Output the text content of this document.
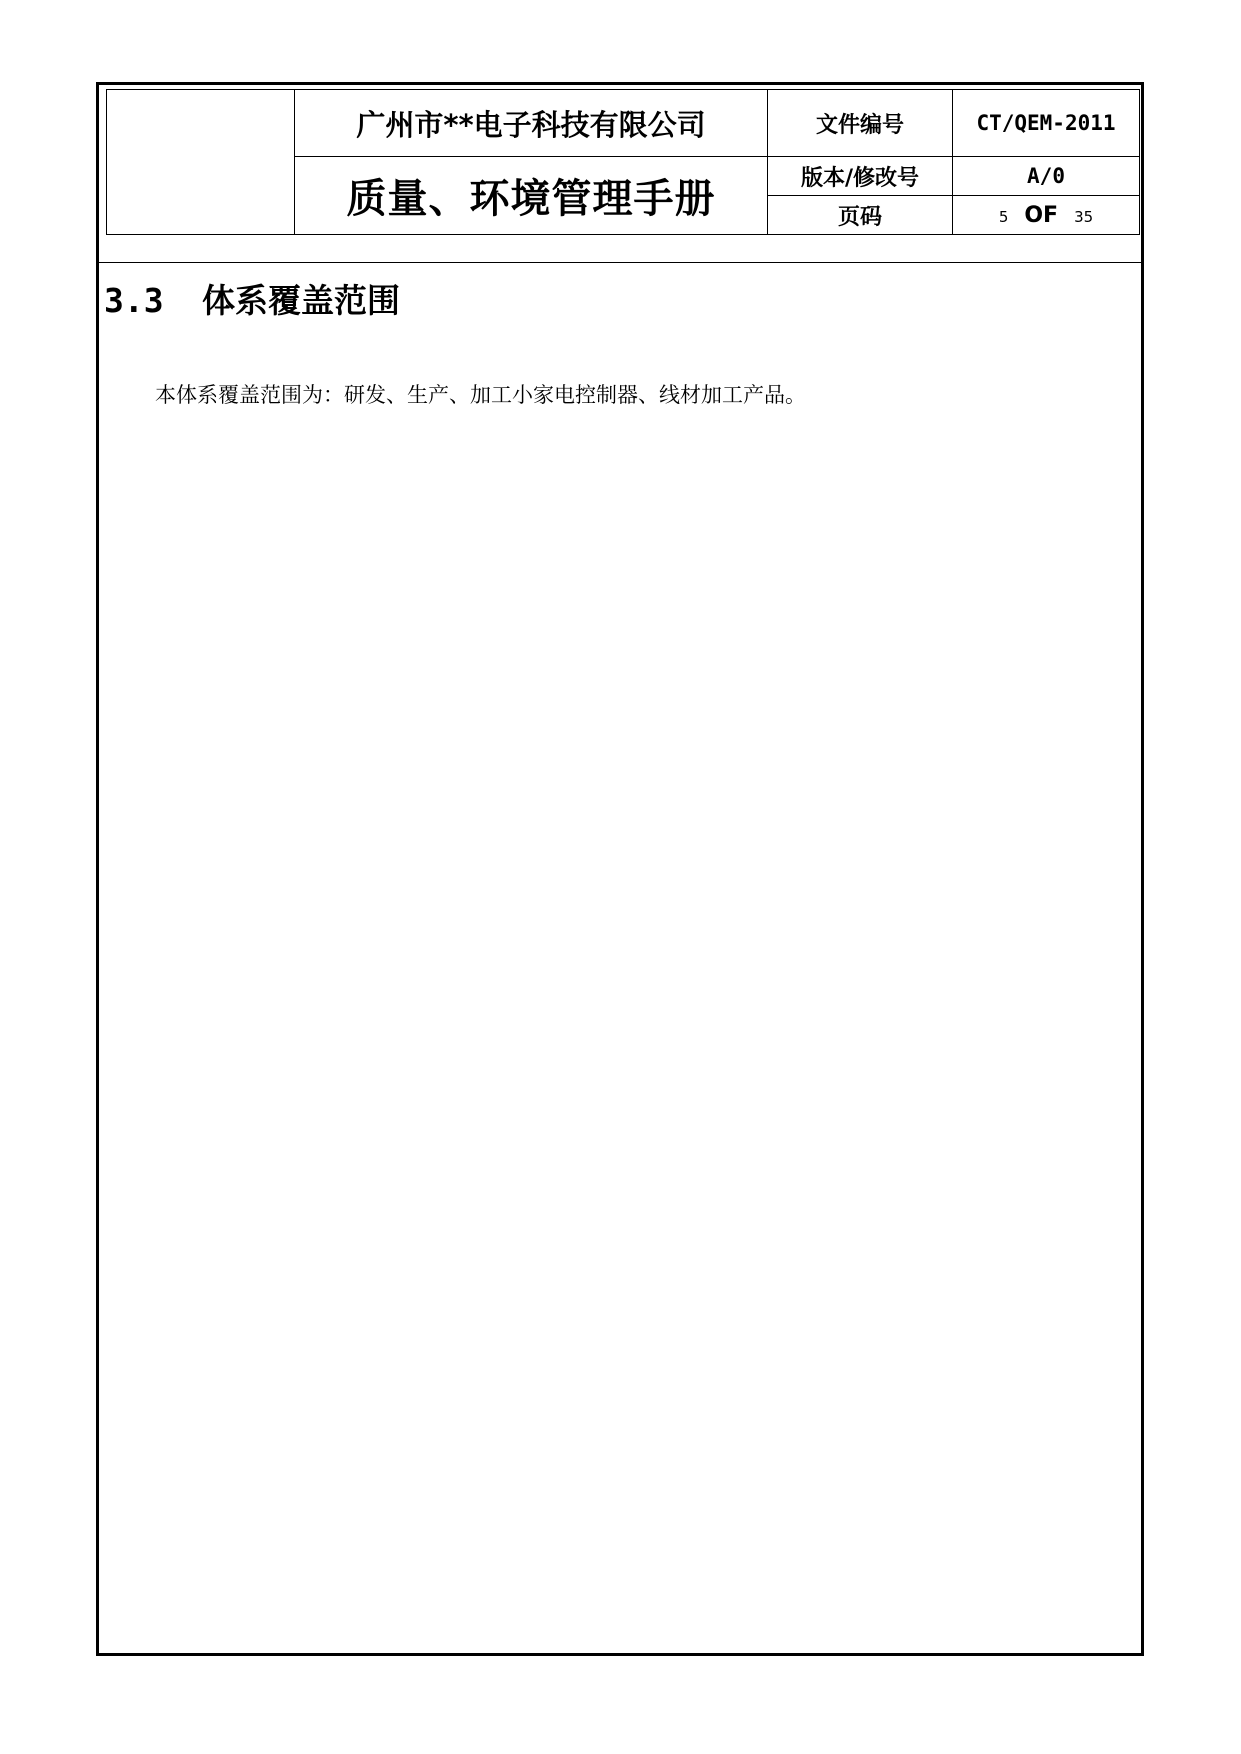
	广州市**电子科技有限公司	文件编号	CT/QEM-2011
	质量、环境管理手册	版本/修改号	A/0
		页码	5 OF 35
3.3 体系覆盖范围
本体系覆盖范围为：研发、生产、加工小家电控制器、线材加工产品。
